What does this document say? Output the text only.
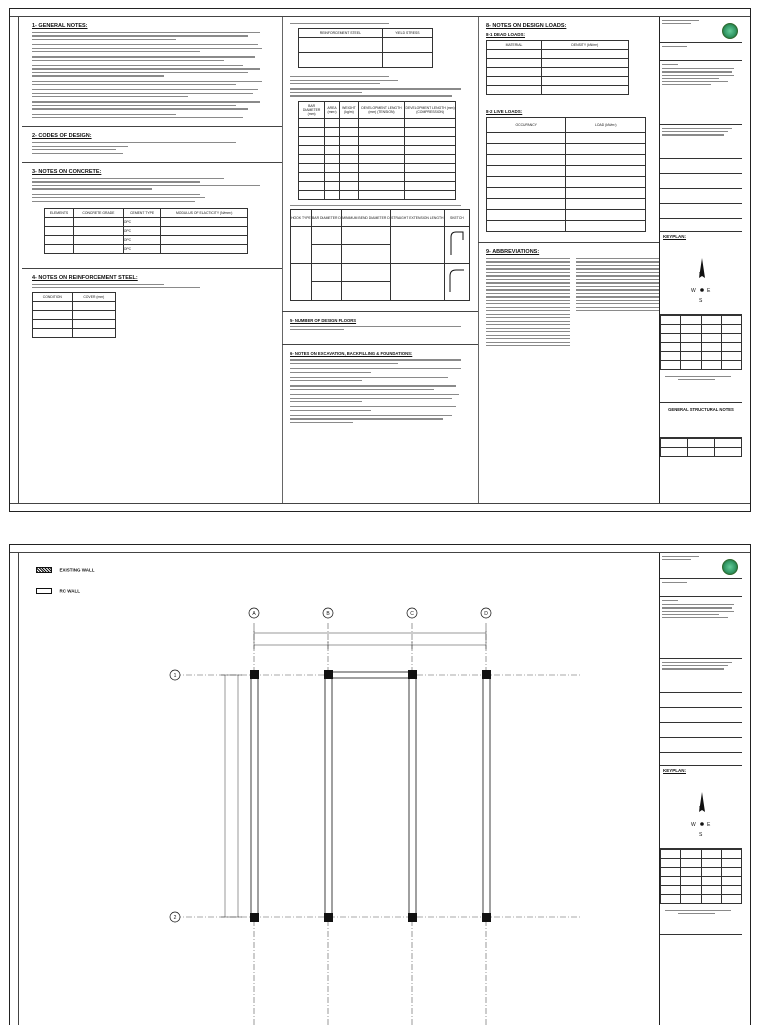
1- GENERAL NOTES:
2- CODES OF DESIGN:
3- NOTES ON CONCRETE:
ELEMENTS	CONCRETE GRADE	CEMENT TYPE	MODULUS OF ELACTICITY (N/mm²)
		OPC	
		OPC	
		OPC	
		OPC	
4- NOTES ON REINFORCEMENT STEEL:
CONDITION	COVER (mm)

REINFORCEMENT STEEL	YIELD STRESS

BAR DIAMETER (mm)	AREA (mm²)	WEIGHT (kg/m)	DEVELOPMENT LENGTH (mm) (TENSION)	DEVELOPMENT LENGTH (mm) (COMPRESSION)

HOOK TYPE	BAR DIAMETER D	MINIMUM BEND DIAMETER D	STRAIGHT EXTENSION LENGTH	SKETCH

5- NUMBER OF DESIGN FLOORS
6- NOTES ON EXCAVATION, BACKFILLING & FOUNDATIONS:
8- NOTES ON DESIGN LOADS:
8-1 DEAD LOADS:
MATERIAL	DENSITY (kN/m³)

8-2 LIVE LOADS:
OCCUPANCY	LOAD (kN/m²)

9- ABBREVIATIONS:
KEYPLAN:
N
W E
S

GENERAL STRUCTURAL NOTES

EXISTING WALL
RC WALL
A	B	C	D
1
2
KEYPLAN:
N
W E
S
